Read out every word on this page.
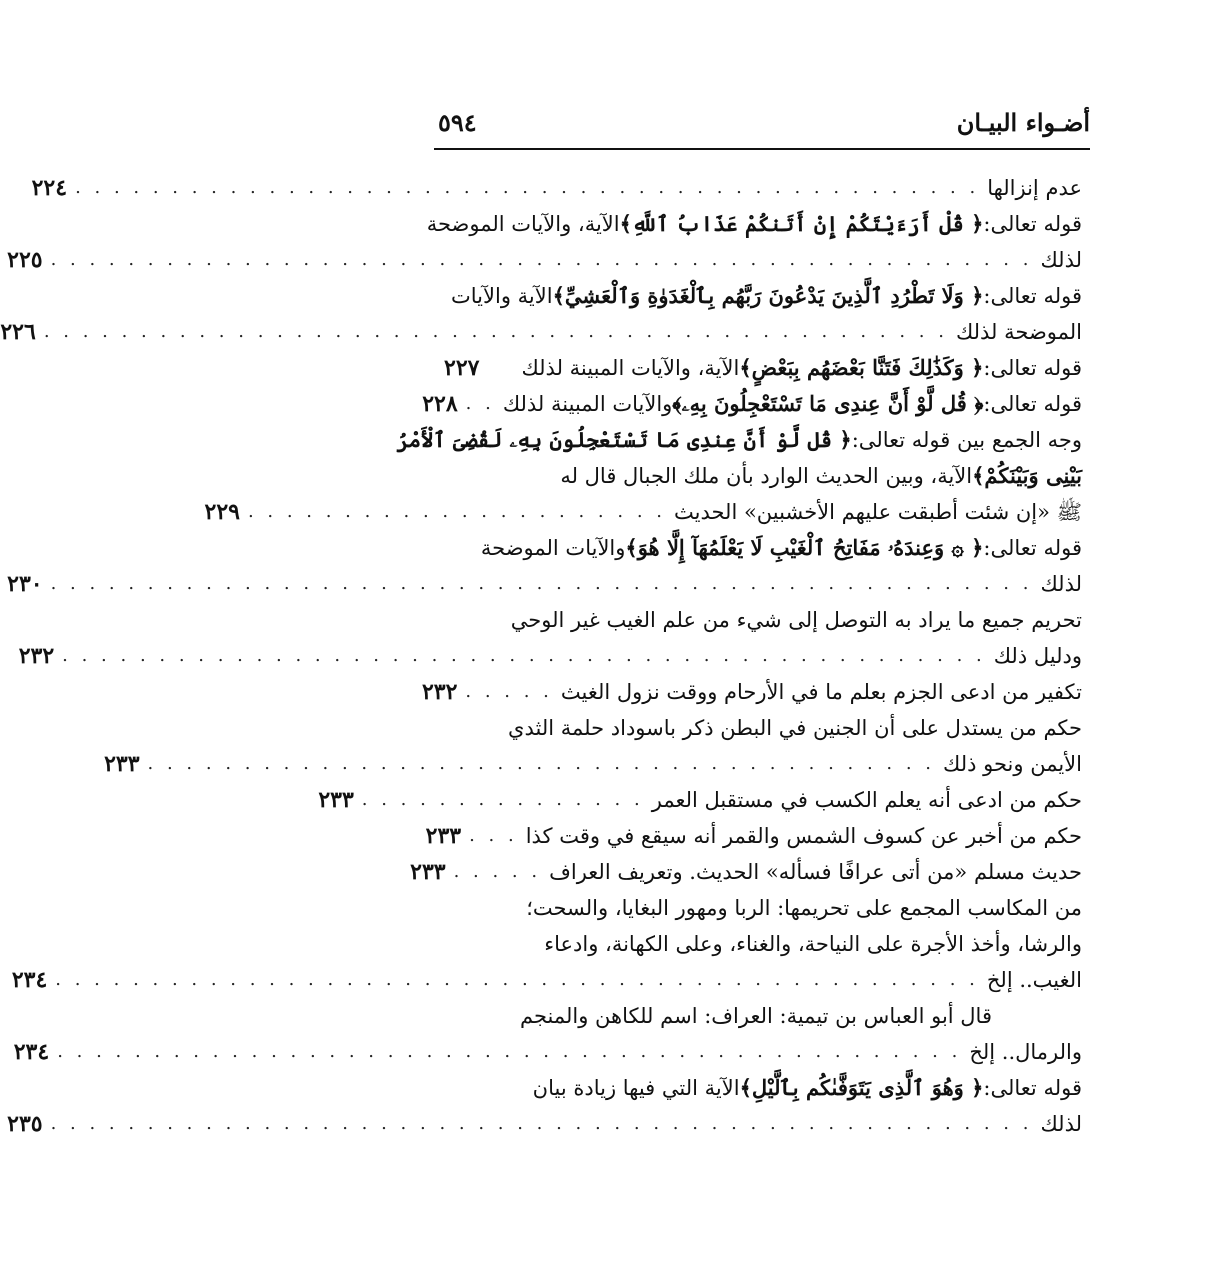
أضـواء البيـان
٥٩٤
عدم إنزالها
. . . . . . . . . . . . . . . . . . . . . . . . . . . . . . . . . . . . . . . . . . . . . . .
٢٢٤
قوله تعالى:
﴿ قُلْ أَرَءَيْتَكُمْ إِنْ أَتَنكُمْ عَذَابُ ٱللَّهِ﴾
الآية، والآيات الموضحة
لذلك
. . . . . . . . . . . . . . . . . . . . . . . . . . . . . . . . . . . . . . . . . . . . . . . . . . .
٢٢٥
قوله تعالى:
﴿ وَلَا تَطْرُدِ ٱلَّذِينَ يَدْعُونَ رَبَّهُم بِٱلْغَدَوٰةِ وَٱلْعَشِيِّ﴾
الآية والآيات
الموضحة لذلك
. . . . . . . . . . . . . . . . . . . . . . . . . . . . . . . . . . . . . . . . . . . . . . .
٢٢٦
قوله تعالى:
﴿ وَكَذَٰلِكَ فَتَنَّا بَعْضَهُم بِبَعْضٍ﴾
الآية، والآيات المبينة لذلك
٢٢٧
قوله تعالى:
﴿ قُل لَّوْ أَنَّ عِندِى مَا تَسْتَعْجِلُونَ بِهِۦ﴾
والآيات المبينة لذلك
. .
٢٢٨
وجه الجمع بين قوله تعالى:
﴿ قُل لَّوْ أَنَّ عِندِى مَا تَسْتَعْجِلُونَ بِهِۦ لَقُضِىَ ٱلْأَمْرُ
بَيْنِى وَبَيْنَكُمْ﴾
الآية، وبين الحديث الوارد بأن ملك الجبال قال له
ﷺ «إن شئت أطبقت عليهم الأخشبين» الحديث
. . . . . . . . . . . . . . . . . . . . . .
٢٢٩
قوله تعالى:
﴿ ۞ وَعِندَهُۥ مَفَاتِحُ ٱلْغَيْبِ لَا يَعْلَمُهَآ إِلَّا هُوَ﴾
والآيات الموضحة
لذلك
. . . . . . . . . . . . . . . . . . . . . . . . . . . . . . . . . . . . . . . . . . . . . . . . . . .
٢٣٠
تحريم جميع ما يراد به التوصل إلى شيء من علم الغيب غير الوحي
ودليل ذلك
. . . . . . . . . . . . . . . . . . . . . . . . . . . . . . . . . . . . . . . . . . . . . . . .
٢٣٢
تكفير من ادعى الجزم بعلم ما في الأرحام ووقت نزول الغيث
. . . . .
٢٣٢
حكم من يستدل على أن الجنين في البطن ذكر باسوداد حلمة الثدي
الأيمن ونحو ذلك
. . . . . . . . . . . . . . . . . . . . . . . . . . . . . . . . . . . . . . . . .
٢٣٣
حكم من ادعى أنه يعلم الكسب في مستقبل العمر
. . . . . . . . . . . . . . .
٢٣٣
حكم من أخبر عن كسوف الشمس والقمر أنه سيقع في وقت كذا
. . .
٢٣٣
حديث مسلم «من أتى عرافًا فسأله» الحديث. وتعريف العراف
. . . . .
٢٣٣
من المكاسب المجمع على تحريمها: الربا ومهور البغايا، والسحت؛
والرشا، وأخذ الأجرة على النياحة، والغناء، وعلى الكهانة، وادعاء
الغيب.. إلخ
. . . . . . . . . . . . . . . . . . . . . . . . . . . . . . . . . . . . . . . . . . . . . . . .
٢٣٤
قال أبو العباس بن تيمية: العراف: اسم للكاهن والمنجم
والرمال.. إلخ
. . . . . . . . . . . . . . . . . . . . . . . . . . . . . . . . . . . . . . . . . . . . . . .
٢٣٤
قوله تعالى:
﴿ وَهُوَ ٱلَّذِى يَتَوَفَّىٰكُم بِٱلَّيْلِ﴾
الآية التي فيها زيادة بيان
لذلك
. . . . . . . . . . . . . . . . . . . . . . . . . . . . . . . . . . . . . . . . . . . . . . . . . . .
٢٣٥
